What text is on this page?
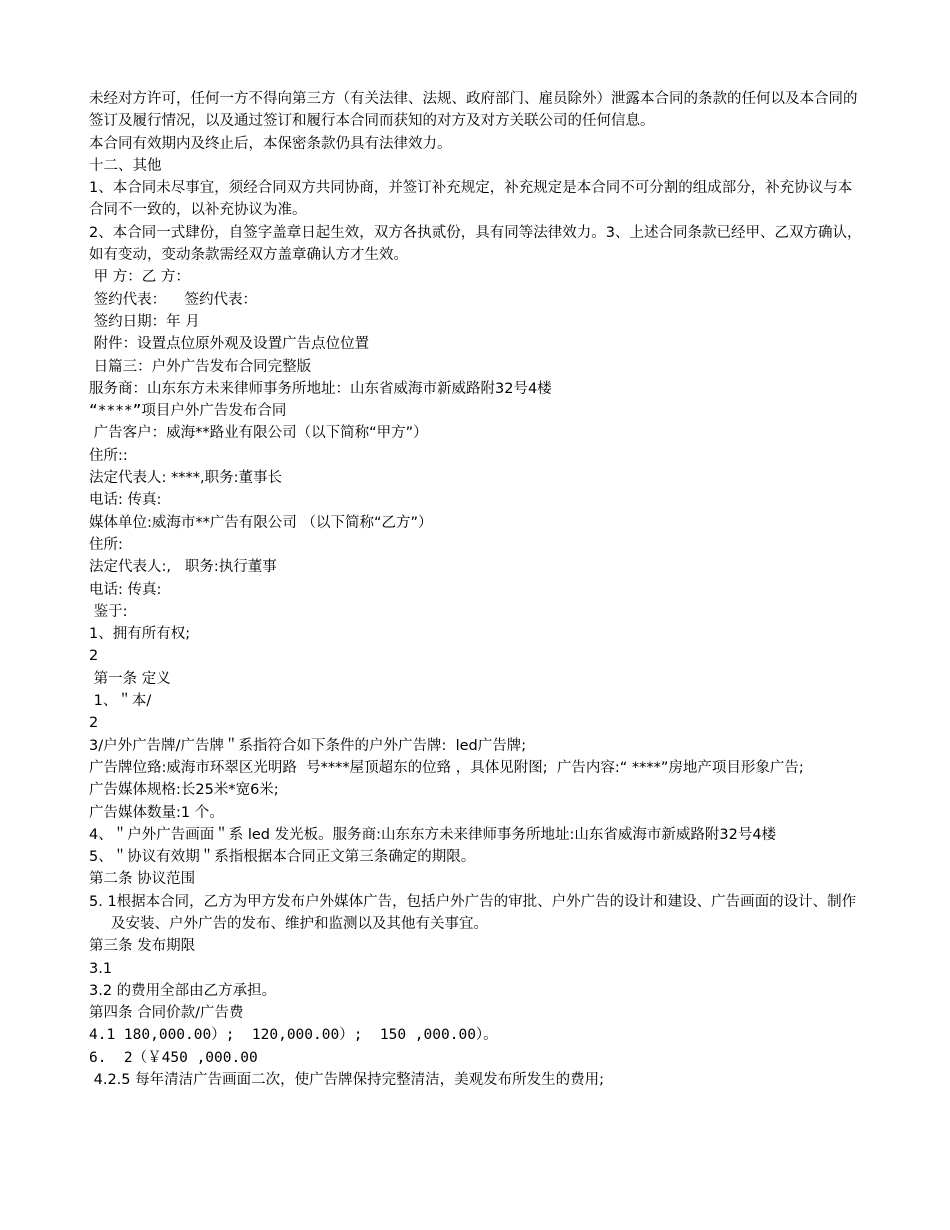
未经对方许可，任何一方不得向第三方（有关法律、法规、政府部门、雇员除外）泄露本合同的条款的任何以及本合同的签订及履行情况，以及通过签订和履行本合同而获知的对方及对方关联公司的任何信息。

本合同有效期内及终止后，本保密条款仍具有法律效力。

十二、其他

1、本合同未尽事宜，须经合同双方共同协商，并签订补充规定，补充规定是本合同不可分割的组成部分，补充协议与本合同不一致的，以补充协议为准。

2、本合同一式肆份，自签字盖章日起生效，双方各执贰份，具有同等法律效力。3、上述合同条款已经甲、乙双方确认，如有变动，变动条款需经双方盖章确认方才生效。

甲 方：乙 方：

签约代表：    签约代表：

签约日期：年 月

附件：设置点位原外观及设置广告点位位置

日篇三：户外广告发布合同完整版

服务商：山东东方未来律师事务所地址：山东省威海市新威路附32号4楼

“****”项目户外广告发布合同

广告客户：威海**路业有限公司（以下简称“甲方”）

住所::

法定代表人: ****,职务:董事长

电话: 传真:

媒体单位:威海市**广告有限公司 （以下简称“乙方”）

住所:

法定代表人:,   职务:执行董事

电话: 传真:

鉴于:

1、拥有所有权;

2

第一条 定义

1、＂本/

2

3/户外广告牌/广告牌＂系指符合如下条件的户外广告牌:  led广告牌;

广告牌位臵:威海市环翠区光明路  号****屋顶超东的位臵 ，具体见附图;  广告内容:“ ****”房地产项目形象广告;

广告媒体规格:长25米*宽6米;

广告媒体数量:1 个。

4、＂户外广告画面＂系 led 发光板。服务商:山东东方未来律师事务所地址:山东省威海市新威路附32号4楼

5、＂协议有效期＂系指根据本合同正文第三条确定的期限。

第二条 协议范围

5. 1根据本合同，乙方为甲方发布户外媒体广告，包括户外广告的审批、户外广告的设计和建设、广告画面的设计、制作及安装、户外广告的发布、维护和监测以及其他有关事宜。

第三条 发布期限

3.1

3.2 的费用全部由乙方承担。

第四条 合同价款/广告费

4.1 180,000.00）;  120,000.00）;  150 ,000.00）。

6.  2（￥450 ,000.00

4.2.5 每年清洁广告画面二次，使广告牌保持完整清洁，美观发布所发生的费用;
